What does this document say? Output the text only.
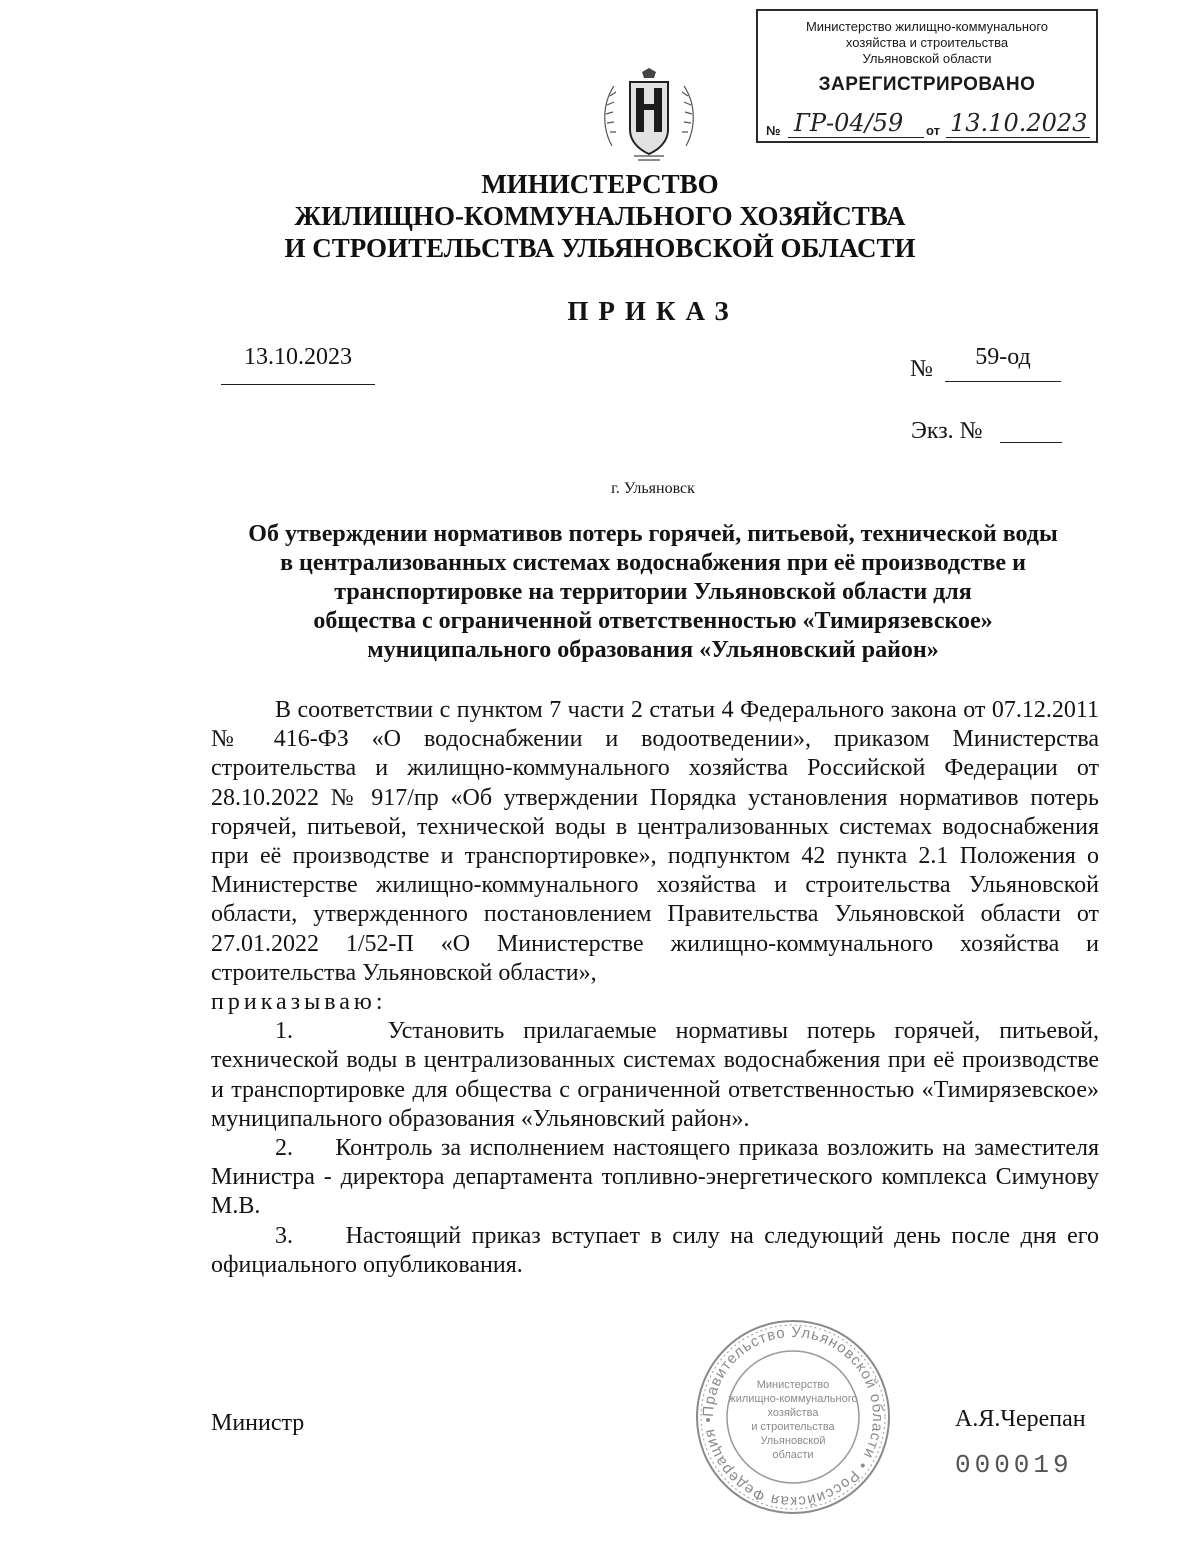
Министерство жилищно-коммунального
хозяйства и строительства
Ульяновской области
ЗАРЕГИСТРИРОВАНО
№ ГР-04/59	от 13.10.2023
МИНИСТЕРСТВО
ЖИЛИЩНО-КОММУНАЛЬНОГО ХОЗЯЙСТВА
И СТРОИТЕЛЬСТВА УЛЬЯНОВСКОЙ ОБЛАСТИ
ПРИКАЗ
13.10.2023	№	59-од
Экз. №
г. Ульяновск
Об утверждении нормативов потерь горячей, питьевой, технической воды
в централизованных системах водоснабжения при её производстве и
транспортировке на территории Ульяновской области для
общества с ограниченной ответственностью «Тимирязевское»
муниципального образования «Ульяновский район»

В соответствии с пунктом 7 части 2 статьи 4 Федерального закона от 07.12.2011 № 416-ФЗ «О водоснабжении и водоотведении», приказом Министерства строительства и жилищно-коммунального хозяйства Российской Федерации от 28.10.2022 № 917/пр «Об утверждении Порядка установления нормативов потерь горячей, питьевой, технической воды в централизованных системах водоснабжения при её производстве и транспортировке», подпунктом 42 пункта 2.1 Положения о Министерстве жилищно-коммунального хозяйства и строительства Ульяновской области, утвержденного постановлением Правительства Ульяновской области от 27.01.2022 1/52-П «О Министерстве жилищно-коммунального хозяйства и строительства Ульяновской области»,

приказываю:

1.	Установить прилагаемые нормативы потерь горячей, питьевой, технической воды в централизованных системах водоснабжения при её производстве и транспортировке для общества с ограниченной ответственностью «Тимирязевское» муниципального образования «Ульяновский район».

2. Контроль за исполнением настоящего приказа возложить на заместителя Министра - директора департамента топливно-энергетического комплекса Симунову М.В.

3. Настоящий приказ вступает в силу на следующий день после дня его официального опубликования.

Правительство Ульяновской области • Российская Федерация •
Министерство
жилищно-коммунального
хозяйства
и строительства
Ульяновской
области
Министр	А.Я.Черепан
000019
